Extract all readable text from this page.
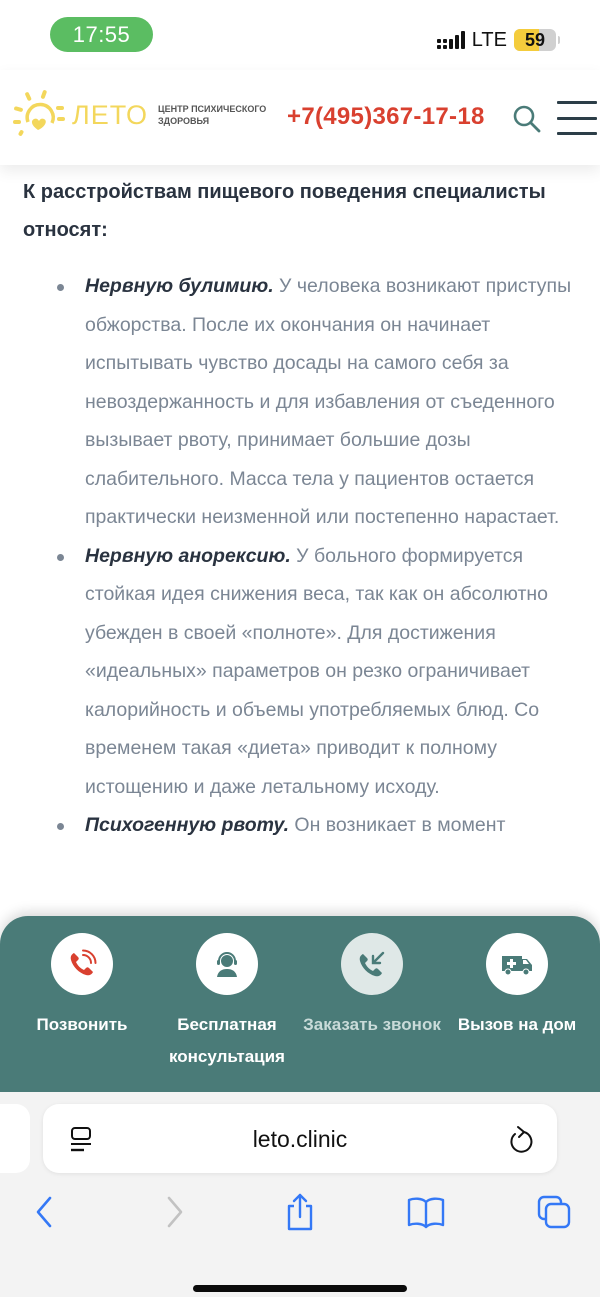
17:55	LTE 59
ЛЕТО ЦЕНТР ПСИХИЧЕСКОГО ЗДОРОВЬЯ	+7(495)367-17-18

К расстройствам пищевого поведения специалисты относят:

Нервную булимию. У человека возникают приступы обжорства. После их окончания он начинает испытывать чувство досады на самого себя за невоздержанность и для избавления от съеденного вызывает рвоту, принимает большие дозы слабительного. Масса тела у пациентов остается практически неизменной или постепенно нарастает.
Нервную анорексию. У больного формируется стойкая идея снижения веса, так как он абсолютно убежден в своей «полноте». Для достижения «идеальных» параметров он резко ограничивает калорийность и объемы употребляемых блюд. Со временем такая «диета» приводит к полному истощению и даже летальному исходу.
Психогенную рвоту. Он возникает в момент
Позвонить	Бесплатная консультация
Заказать звонок Вызов на дом
leto.clinic
